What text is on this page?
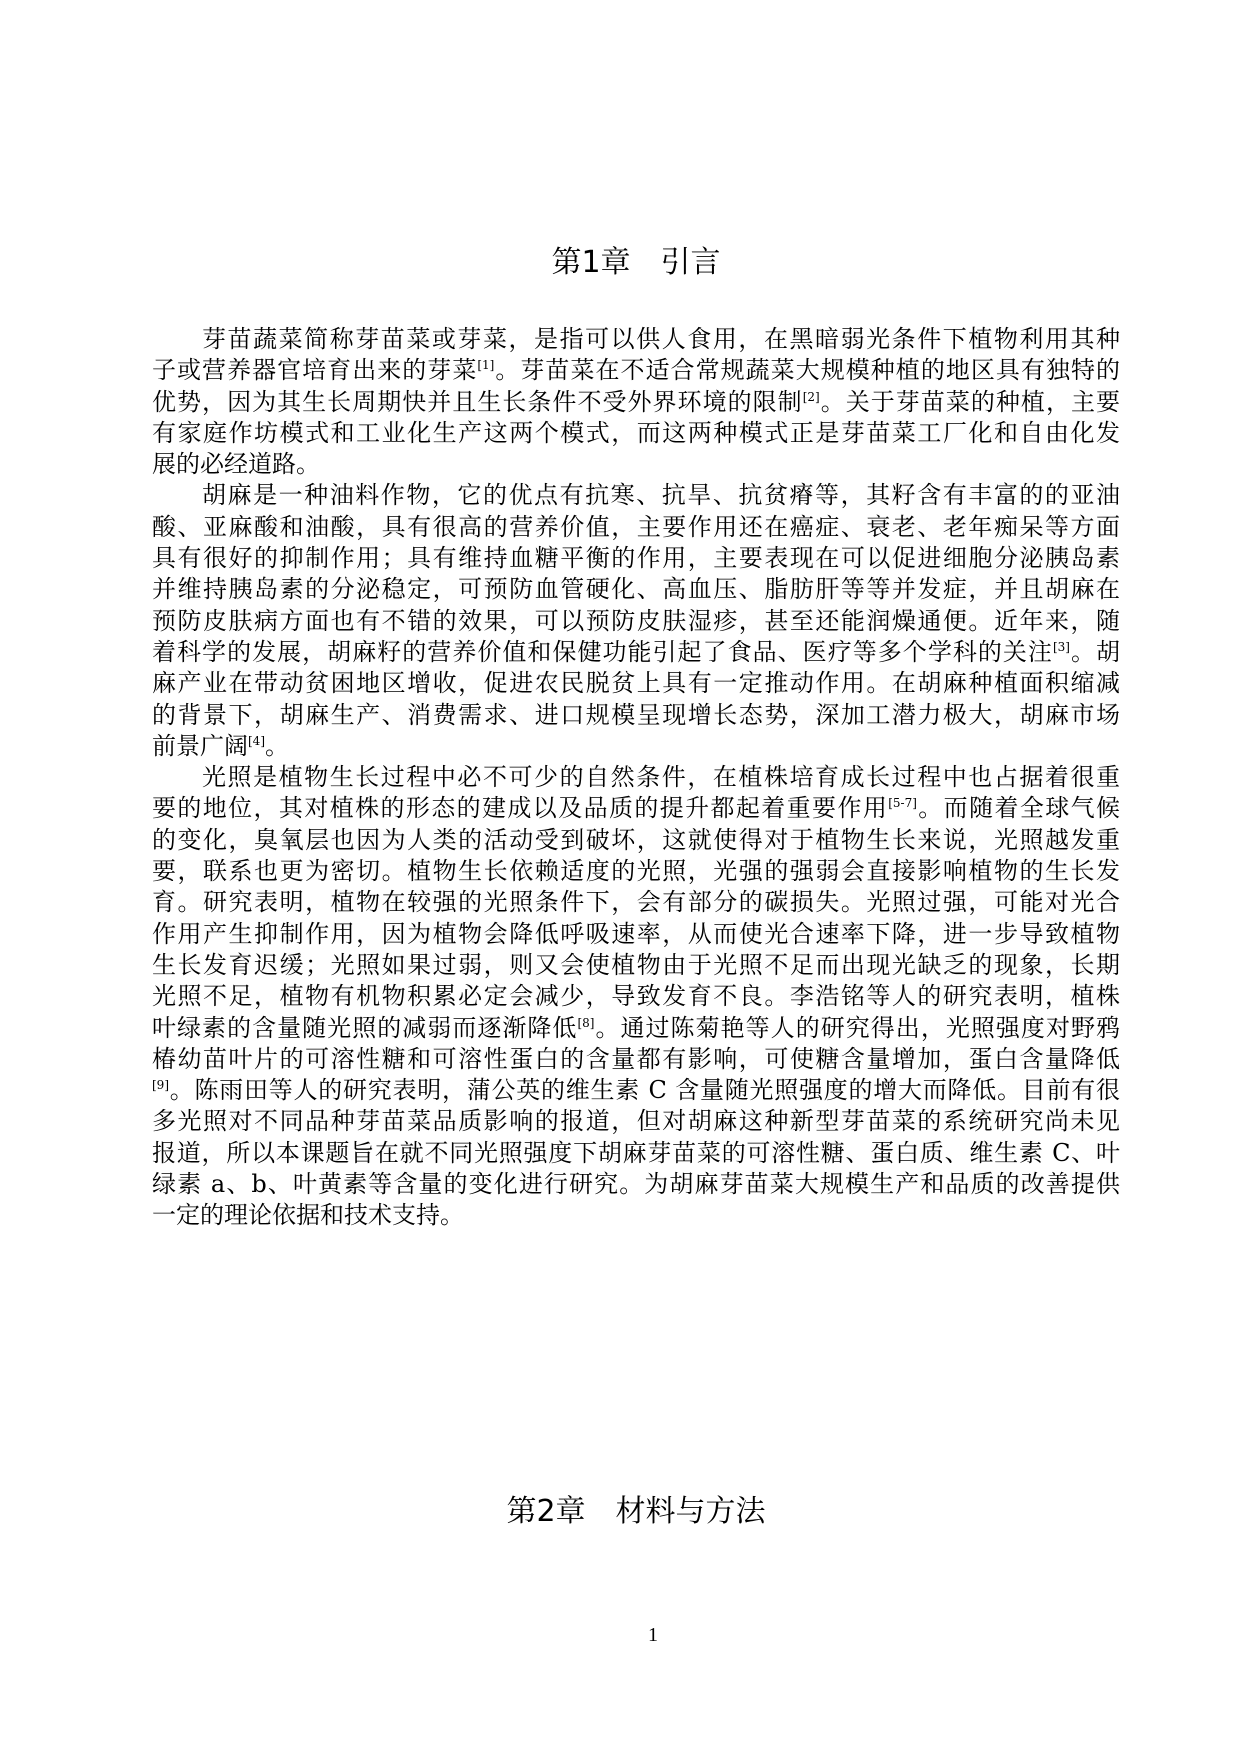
第1章　引言
芽苗蔬菜简称芽苗菜或芽菜，是指可以供人食用，在黑暗弱光条件下植物利用其种
子或营养器官培育出来的芽菜[1]。芽苗菜在不适合常规蔬菜大规模种植的地区具有独特的
优势，因为其生长周期快并且生长条件不受外界环境的限制[2]。关于芽苗菜的种植，主要
有家庭作坊模式和工业化生产这两个模式，而这两种模式正是芽苗菜工厂化和自由化发
展的必经道路。
胡麻是一种油料作物，它的优点有抗寒、抗旱、抗贫瘠等，其籽含有丰富的的亚油
酸、亚麻酸和油酸，具有很高的营养价值，主要作用还在癌症、衰老、老年痴呆等方面
具有很好的抑制作用；具有维持血糖平衡的作用，主要表现在可以促进细胞分泌胰岛素
并维持胰岛素的分泌稳定，可预防血管硬化、高血压、脂肪肝等等并发症，并且胡麻在
预防皮肤病方面也有不错的效果，可以预防皮肤湿疹，甚至还能润燥通便。近年来，随
着科学的发展，胡麻籽的营养价值和保健功能引起了食品、医疗等多个学科的关注[3]。胡
麻产业在带动贫困地区增收，促进农民脱贫上具有一定推动作用。在胡麻种植面积缩减
的背景下，胡麻生产、消费需求、进口规模呈现增长态势，深加工潜力极大，胡麻市场
前景广阔[4]。
光照是植物生长过程中必不可少的自然条件，在植株培育成长过程中也占据着很重
要的地位，其对植株的形态的建成以及品质的提升都起着重要作用[5-7]。而随着全球气候
的变化，臭氧层也因为人类的活动受到破坏，这就使得对于植物生长来说，光照越发重
要，联系也更为密切。植物生长依赖适度的光照，光强的强弱会直接影响植物的生长发
育。研究表明，植物在较强的光照条件下，会有部分的碳损失。光照过强，可能对光合
作用产生抑制作用，因为植物会降低呼吸速率，从而使光合速率下降，进一步导致植物
生长发育迟缓；光照如果过弱，则又会使植物由于光照不足而出现光缺乏的现象，长期
光照不足，植物有机物积累必定会减少，导致发育不良。李浩铭等人的研究表明，植株
叶绿素的含量随光照的减弱而逐渐降低[8]。通过陈菊艳等人的研究得出，光照强度对野鸦
椿幼苗叶片的可溶性糖和可溶性蛋白的含量都有影响，可使糖含量增加，蛋白含量降低
[9]。陈雨田等人的研究表明，蒲公英的维生素 C 含量随光照强度的增大而降低。目前有很
多光照对不同品种芽苗菜品质影响的报道，但对胡麻这种新型芽苗菜的系统研究尚未见
报道，所以本课题旨在就不同光照强度下胡麻芽苗菜的可溶性糖、蛋白质、维生素 C、叶
绿素 a、b、叶黄素等含量的变化进行研究。为胡麻芽苗菜大规模生产和品质的改善提供
一定的理论依据和技术支持。
第2章　材料与方法
1
